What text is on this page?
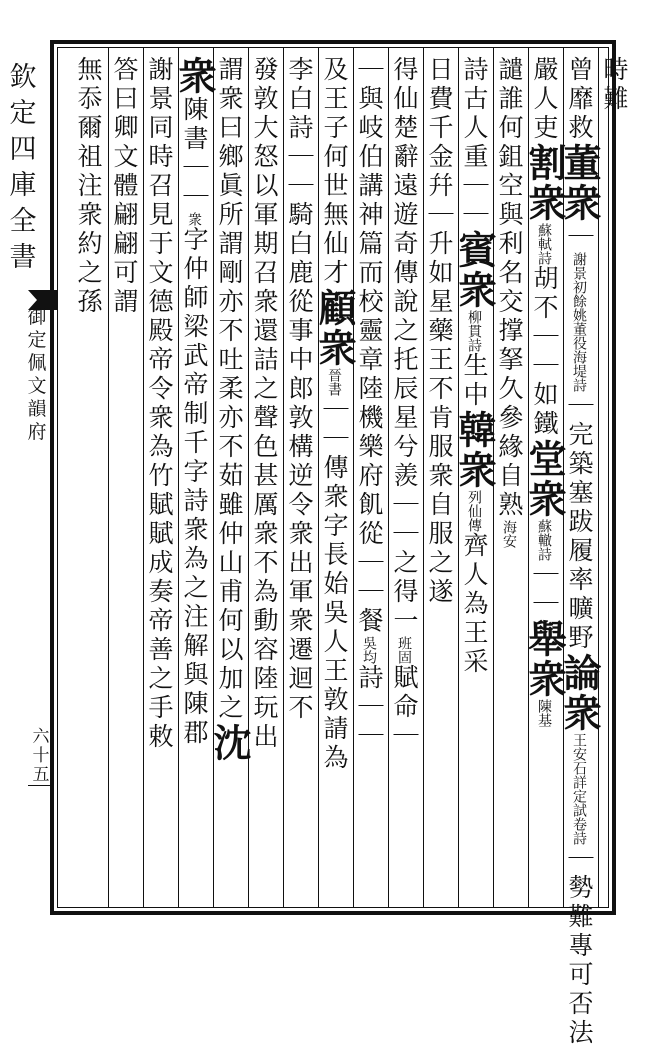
欽
定
四
庫
全
書
御
定
佩
文
韻
府
六
十
五
時難
曾靡救董衆｜謝景初餘姚董役海堤詩｜完築塞跋履率曠野論衆王安石詳定試卷詩｜勢難專可否法
嚴人吏割衆蘇軾詩胡不｜｜如鐵堂衆蘇轍詩｜｜舉衆陳基
譴誰何鉏空與利名交撑拏久參緣自熟海安
詩古人重｜｜賓衆柳貫詩生中韓衆列仙傳齊人為王采
日費千金幷｜升如星藥王不肯服衆自服之遂
得仙楚辭遠遊奇傳說之托辰星兮羨｜｜之得一班固賦命｜
｜與岐伯講神篇而校靈章陸機樂府飢從｜｜餐吳均詩｜｜
及王子何世無仙才顧衆晉書｜｜傳衆字長始吳人王敦請為
李白詩｜｜騎白鹿從事中郎敦構逆令衆出軍衆遷迴不
發敦大怒以軍期召衆還詰之聲色甚厲衆不為動容陸玩出
謂衆曰鄉眞所謂剛亦不吐柔亦不茹雖仲山甫何以加之沈
衆陳書｜｜衆字仲師梁武帝制千字詩衆為之注解與陳郡
謝景同時召見于文德殿帝令衆為竹賦賦成奏帝善之手敕
答曰卿文體翩翩可謂
無忝爾祖注衆約之孫
